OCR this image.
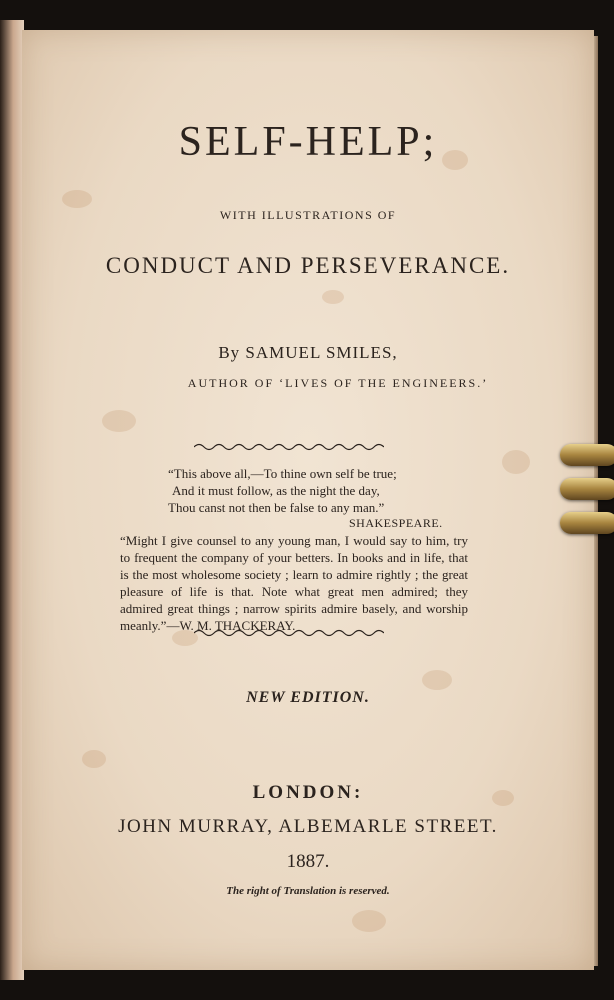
SELF-HELP;
WITH ILLUSTRATIONS OF
CONDUCT AND PERSEVERANCE.
By SAMUEL SMILES,
AUTHOR OF ‘LIVES OF THE ENGINEERS.’
“This above all,—To thine own self be true;
And it must follow, as the night the day,
Thou canst not then be false to any man.”
SHAKESPEARE.
“Might I give counsel to any young man, I would say to him, try to frequent the company of your betters. In books and in life, that is the most wholesome society ; learn to admire rightly ; the great pleasure of life is that. Note what great men admired; they admired great things ; narrow spirits admire basely, and worship meanly.”—W. M. THACKERAY.
NEW EDITION.
LONDON:
JOHN MURRAY, ALBEMARLE STREET.
1887.
The right of Translation is reserved.
